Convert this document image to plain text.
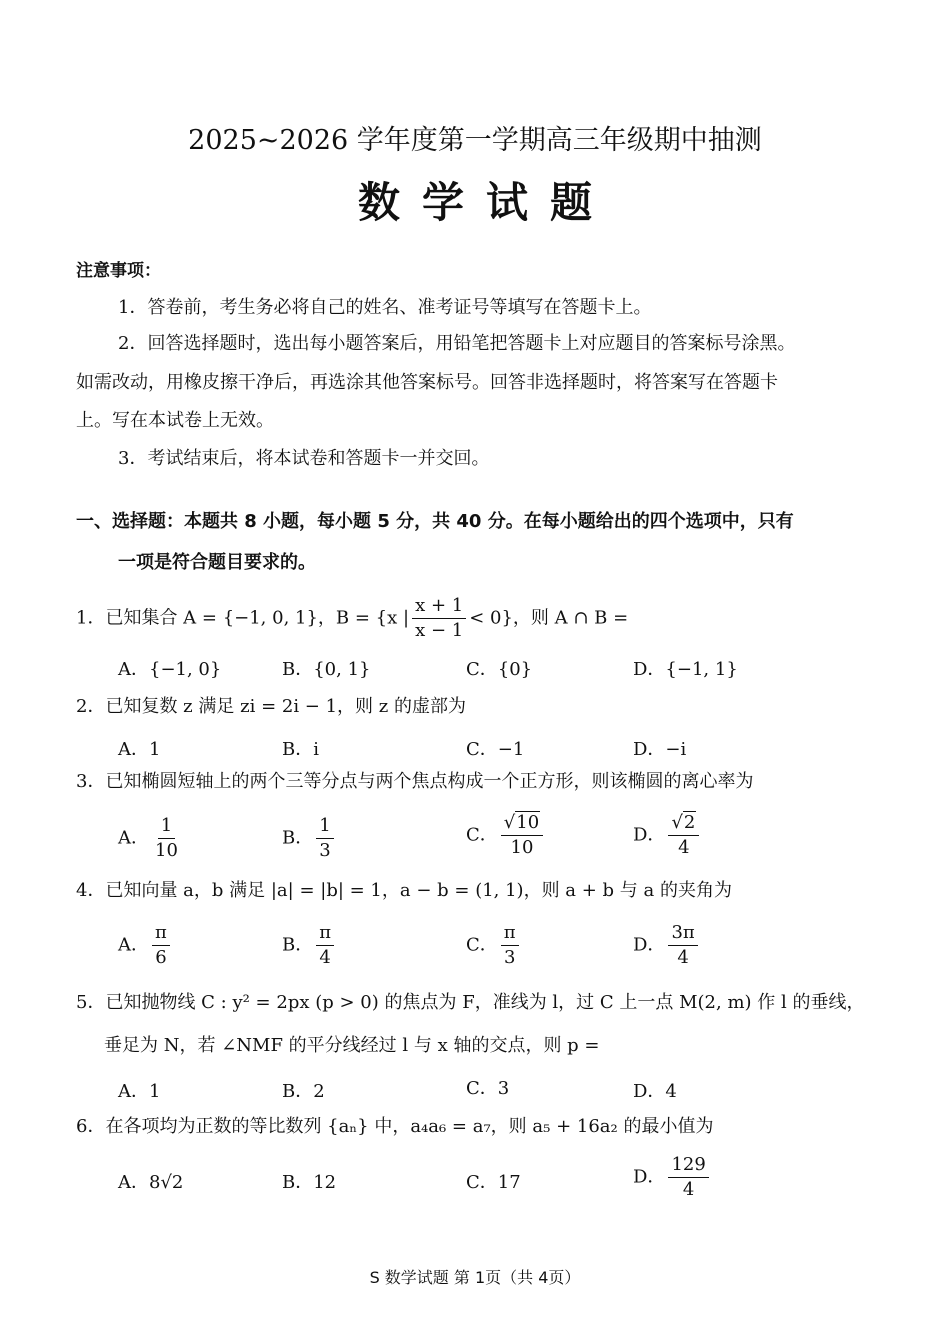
2025~2026 学年度第一学期高三年级期中抽测
数学试题
注意事项：
1．答卷前，考生务必将自己的姓名、准考证号等填写在答题卡上。
2．回答选择题时，选出每小题答案后，用铅笔把答题卡上对应题目的答案标号涂黑。
如需改动，用橡皮擦干净后，再选涂其他答案标号。回答非选择题时，将答案写在答题卡
上。写在本试卷上无效。
3．考试结束后，将本试卷和答题卡一并交回。
一、选择题：本题共 8 小题，每小题 5 分，共 40 分。在每小题给出的四个选项中，只有
一项是符合题目要求的。
1．已知集合 A = {−1, 0, 1}，B = {x | $\frac{x + 1}{x - 1} < 0$}，则 A ∩ B =
A．{−1, 0}	B．{0, 1}	C．{0}	D．{−1, 1}
2．已知复数 z 满足 zi = 2i − 1，则 z 的虚部为
A．1	B．i	C．−1	D．−i
3．已知椭圆短轴上的两个三等分点与两个焦点构成一个正方形，则该椭圆的离心率为
A． $\frac{1}{10}$	B． $\frac{1}{3}$	C． $\frac{√10}{10}$	D． $\frac{√2}{4}$
4．已知向量 a，b 满足 |a| = |b| = 1，a − b = (1, 1)，则 a + b 与 a 的夹角为
A． $\frac{\pi}{6}$	B． $\frac{\pi}{4}$	C． $\frac{\pi}{3}$	D． $\frac{3\pi}{4}$
5．已知抛物线 C : y² = 2px (p > 0) 的焦点为 F，准线为 l，过 C 上一点 M(2, m) 作 l 的垂线，
垂足为 N，若 ∠NMF 的平分线经过 l 与 x 轴的交点，则 p =
A．1	B．2	C．3	D．4
6．在各项均为正数的等比数列 {aₙ} 中，a₄a₆ = a₇，则 a₅ + 16a₂ 的最小值为
A．8√2	B．12	C．17	D． $\frac{129}{4}$
S 数学试题 第 1页（共 4页）
